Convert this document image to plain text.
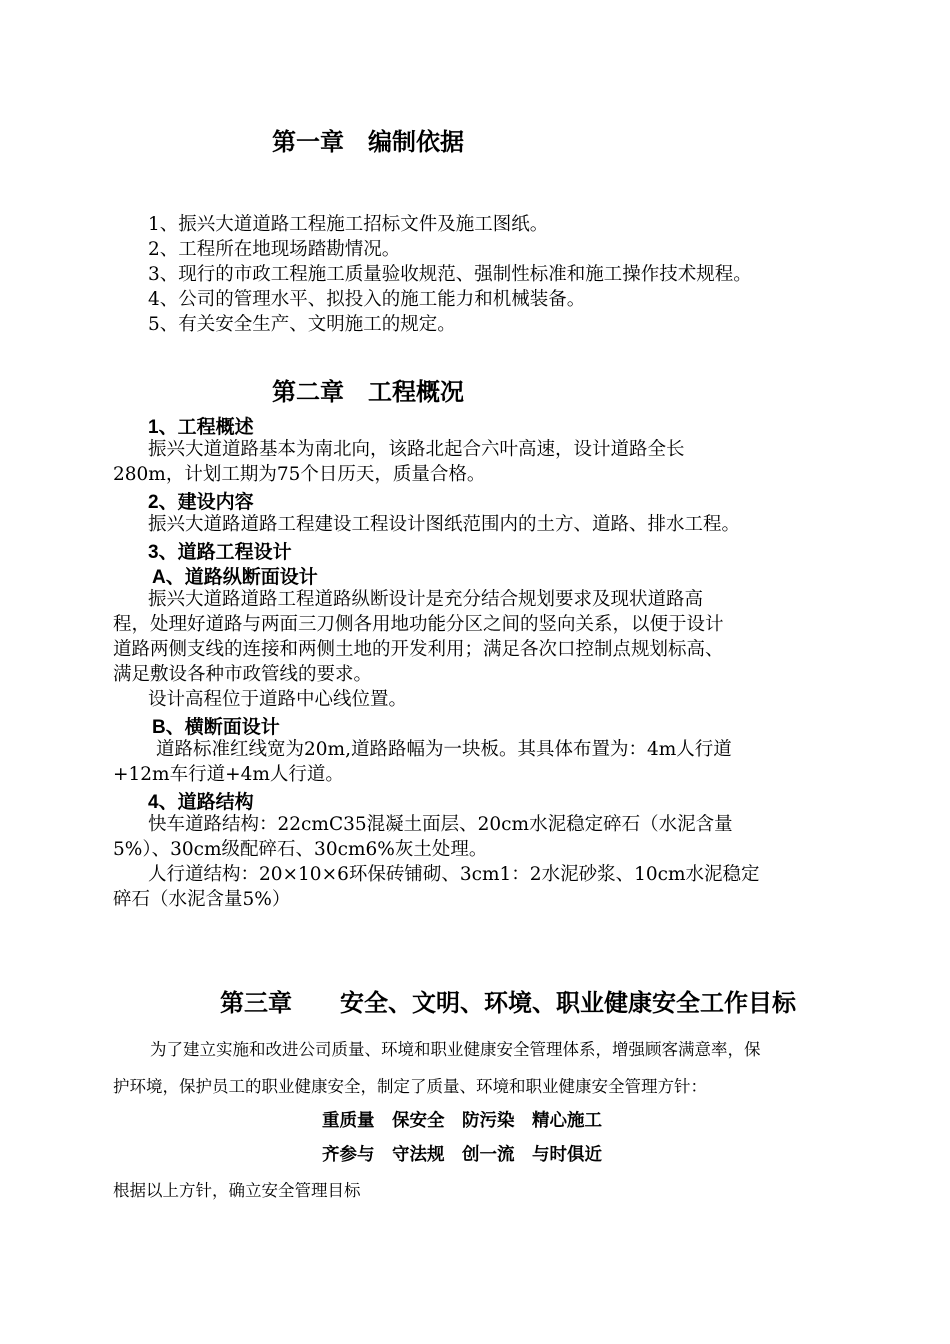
第一章　编制依据
1、振兴大道道路工程施工招标文件及施工图纸。
2、工程所在地现场踏勘情况。
3、现行的市政工程施工质量验收规范、强制性标准和施工操作技术规程。
4、公司的管理水平、拟投入的施工能力和机械装备。
5、有关安全生产、文明施工的规定。
第二章　工程概况
1、工程概述
振兴大道道路基本为南北向，该路北起合六叶高速，设计道路全长
280m，计划工期为75个日历天，质量合格。
2、建设内容
振兴大道路道路工程建设工程设计图纸范围内的土方、道路、排水工程。
3、道路工程设计
A、道路纵断面设计
振兴大道路道路工程道路纵断设计是充分结合规划要求及现状道路高
程，处理好道路与两面三刀侧各用地功能分区之间的竖向关系，以便于设计
道路两侧支线的连接和两侧土地的开发利用；满足各次口控制点规划标高、
满足敷设各种市政管线的要求。
设计高程位于道路中心线位置。
B、横断面设计
道路标准红线宽为20m,道路路幅为一块板。其具体布置为：4m人行道
+12m车行道+4m人行道。
4、道路结构
快车道路结构：22cmC35混凝土面层、20cm水泥稳定碎石（水泥含量
5%）、30cm级配碎石、30cm6%灰土处理。
人行道结构：20×10×6环保砖铺砌、3cm1：2水泥砂浆、10cm水泥稳定
碎石（水泥含量5%）
第三章　　安全、文明、环境、职业健康安全工作目标
为了建立实施和改进公司质量、环境和职业健康安全管理体系，增强顾客满意率，保
护环境，保护员工的职业健康安全，制定了质量、环境和职业健康安全管理方针：
重质量　保安全　防污染　精心施工
齐参与　守法规　创一流　与时俱近
根据以上方针，确立安全管理目标
